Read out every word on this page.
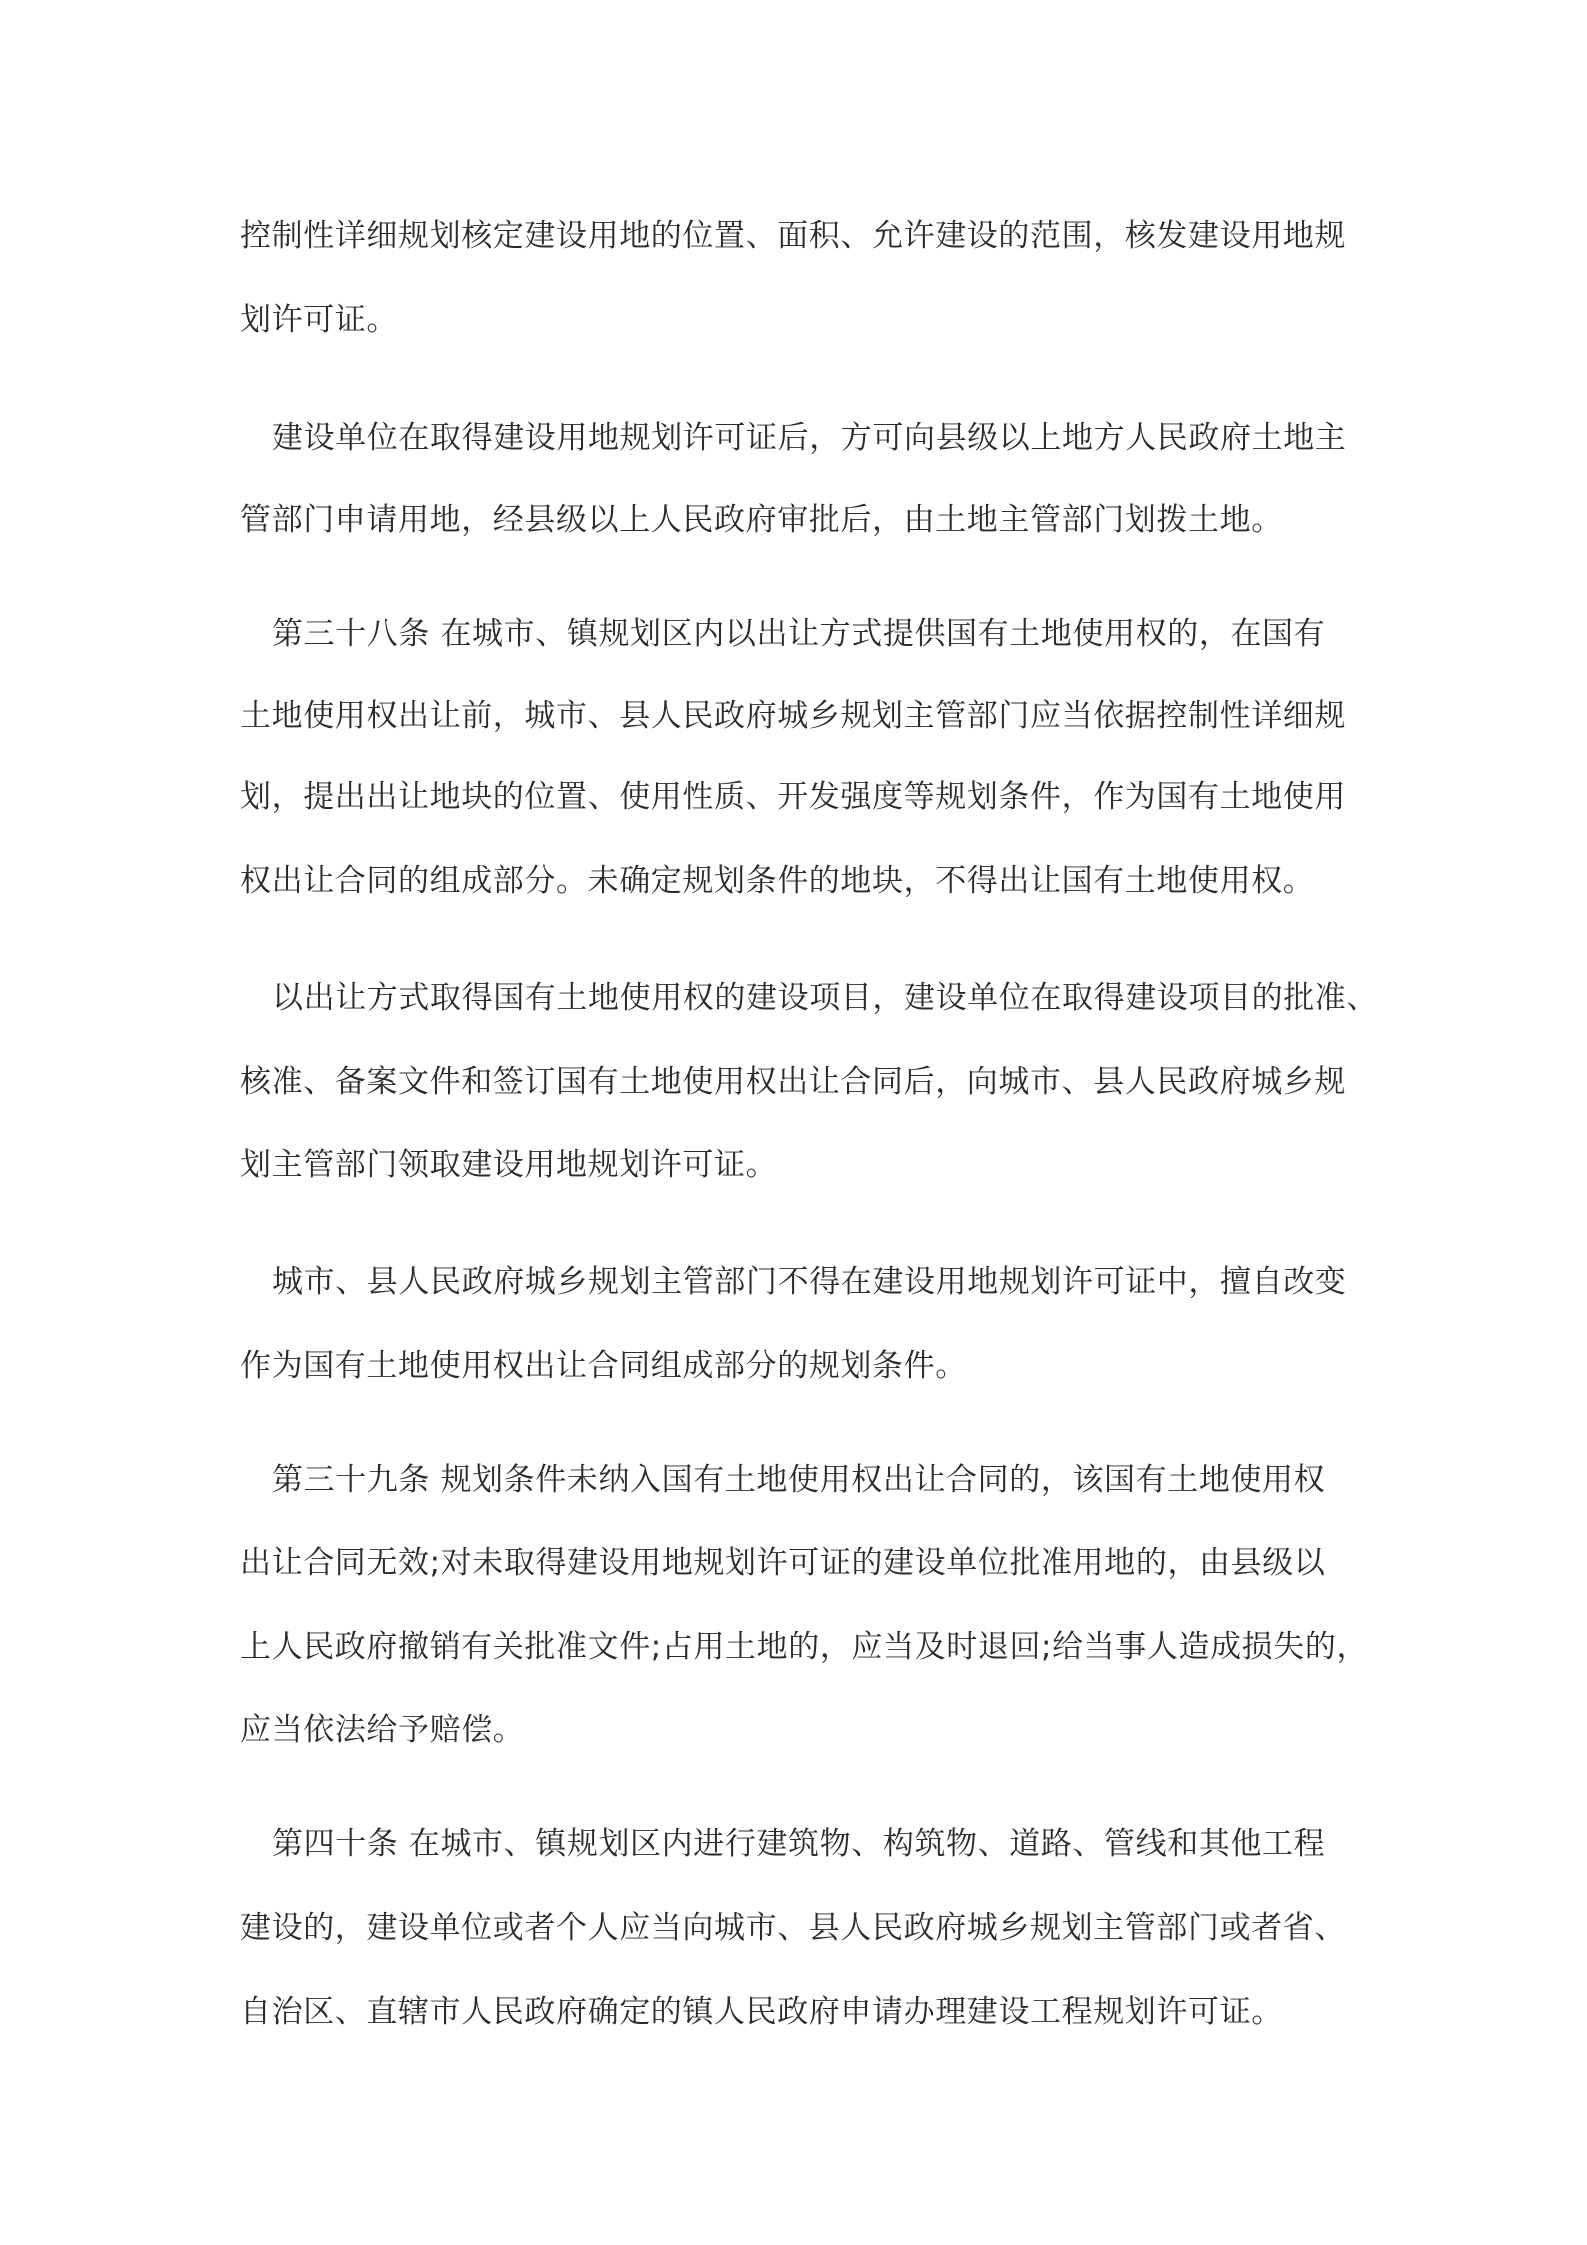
控制性详细规划核定建设用地的位置、面积、允许建设的范围，核发建设用地规
划许可证。
建设单位在取得建设用地规划许可证后，方可向县级以上地方人民政府土地主
管部门申请用地，经县级以上人民政府审批后，由土地主管部门划拨土地。
第三十八条 在城市、镇规划区内以出让方式提供国有土地使用权的，在国有
土地使用权出让前，城市、县人民政府城乡规划主管部门应当依据控制性详细规
划，提出出让地块的位置、使用性质、开发强度等规划条件，作为国有土地使用
权出让合同的组成部分。未确定规划条件的地块，不得出让国有土地使用权。
以出让方式取得国有土地使用权的建设项目，建设单位在取得建设项目的批准、
核准、备案文件和签订国有土地使用权出让合同后，向城市、县人民政府城乡规
划主管部门领取建设用地规划许可证。
城市、县人民政府城乡规划主管部门不得在建设用地规划许可证中，擅自改变
作为国有土地使用权出让合同组成部分的规划条件。
第三十九条 规划条件未纳入国有土地使用权出让合同的，该国有土地使用权
出让合同无效;对未取得建设用地规划许可证的建设单位批准用地的，由县级以
上人民政府撤销有关批准文件;占用土地的，应当及时退回;给当事人造成损失的，
应当依法给予赔偿。
第四十条 在城市、镇规划区内进行建筑物、构筑物、道路、管线和其他工程
建设的，建设单位或者个人应当向城市、县人民政府城乡规划主管部门或者省、
自治区、直辖市人民政府确定的镇人民政府申请办理建设工程规划许可证。
